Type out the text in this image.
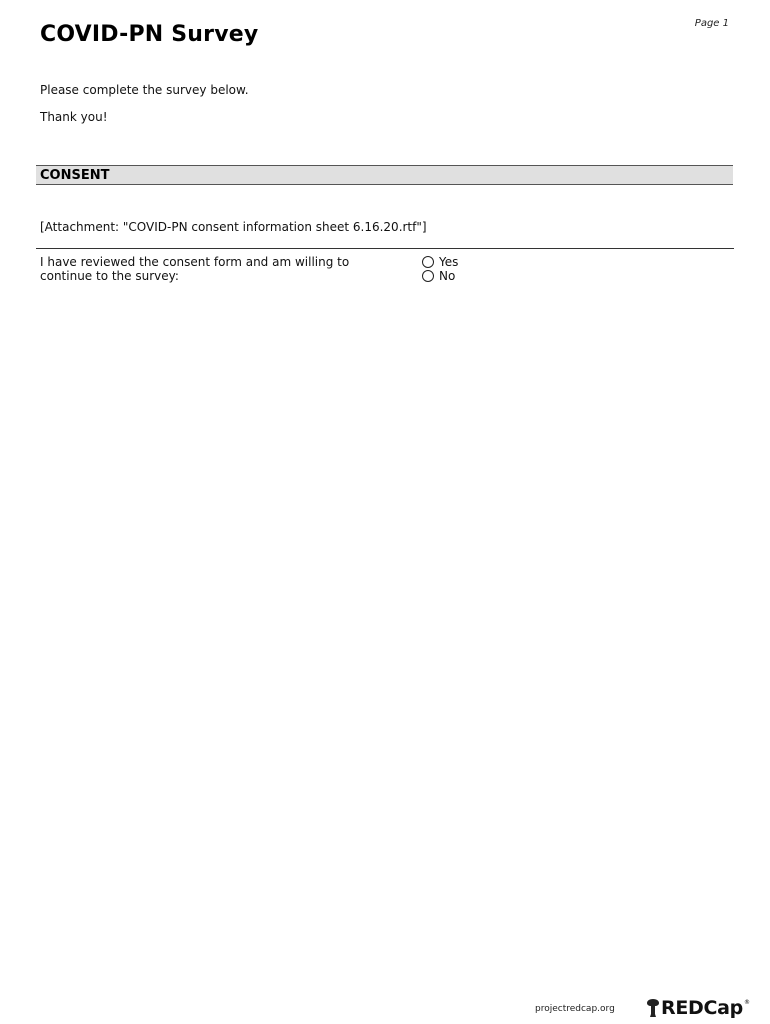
Page 1
COVID-PN Survey
Please complete the survey below.
Thank you!
CONSENT
[Attachment: "COVID-PN consent information sheet 6.16.20.rtf"]
I have reviewed the consent form and am willing to continue to the survey:
Yes
No
projectredcap.org REDCap ®
